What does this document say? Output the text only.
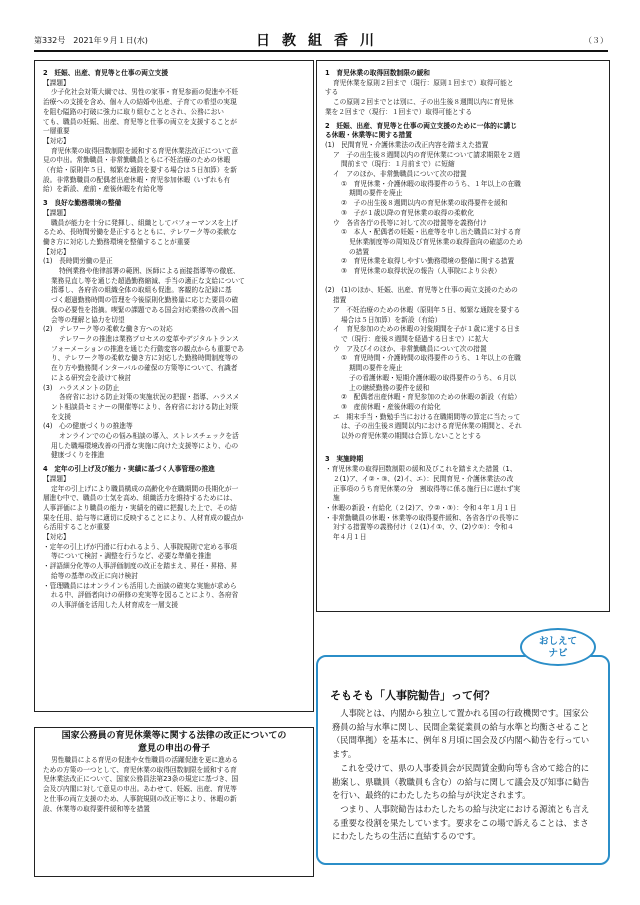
第332号　2021年９月１日(水)	日教組香川	（３）

2　妊娠、出産、育児等と仕事の両立支援

【課題】

少子化社会対策大綱では、男性の家事・育児参画の促進や不妊

治療への支援を含め、個々人の結婚や出産、子育ての希望の実現

を阻む隘路の打破に強力に取り組むこととされ、公務におい

ても、職員の妊娠、出産、育児等と仕事の両立を支援することが

一層重要

【対応】

育児休業の取得回数制限を緩和する育児休業法改正について意

見の申出。常勤職員・非常勤職員ともに不妊治療のための休暇

（有給・原則年５日、頻繁な通院を要する場合は５日加算）を新

設。非常勤職員の配偶者出産休暇・育児参加休暇（いずれも有

給）を新設、産前・産後休暇を有給化等

3　良好な勤務環境の整備

【課題】

職員が能力を十分に発揮し、組織としてパフォーマンスを上げ

るため、長時間労働を是正するとともに、テレワーク等の柔軟な

働き方に対応した勤務環境を整備することが重要

【対応】

(1)　長時間労働の是正

特例業務や他律部署の範囲、医師による面接指導等の徹底、

業務見直し等を通じた超過勤務縮減、手当の適正な支給について

指導し、各府省の組織全体の取組も促進。客観的な記録に基

づく超過勤務時間の管理を今後原則化勤務量に応じた要員の確

保の必要性を指摘。喫緊の課題である国会対応業務の改善へ国

会等の理解と協力を切望

(2)　テレワーク等の柔軟な働き方への対応

テレワークの推進は業務プロセスの変革やデジタルトランス

フォーメーションの推進を通じた行動変容の観点からも重要であ

り、テレワーク等の柔軟な働き方に対応した勤務時間制度等の

在り方や勤務間インターバルの確保の方策等について、有識者

による研究会を設けて検討

(3)　ハラスメントの防止

各府省における防止対策の実施状況の把握・指導、ハラスメ

ント相談員セミナーの開催等により、各府省における防止対策

を支援

(4)　心の健康づくりの推進等

オンラインでの心の悩み相談の導入、ストレスチェックを活

用した職場環境改善の円滑な実施に向けた支援等により、心の

健康づくりを推進

4　定年の引上げ及び能力・実績に基づく人事管理の推進

【課題】

定年の引上げにより職員構成の高齢化や在職期間の長期化が一

層進む中で、職員の士気を高め、組織活力を維持するためには、

人事評価により職員の能力・実績を的確に把握した上で、その結

果を任用、給与等に適切に反映することにより、人材育成の観点か

ら活用することが重要

【対応】

・定年の引上げが円滑に行われるよう、人事院規則で定める事項

等について検討・調整を行うなど、必要な準備を推進

・評語細分化等の人事評価制度の改正を踏まえ、昇任・昇格、昇

給等の基準の改正に向け検討

・管理職員にはオンラインも活用した面談の確実な実施が求めら

れる中、評価者向けの研修の充実等を図ることにより、各府省

の人事評価を活用した人材育成を一層支援

国家公務員の育児休業等に関する法律の改正についての
意見の申出の骨子

男性職員による育児の促進や女性職員の活躍促進を更に進める

ための方策の一つとして、育児休業の取得回数制限を緩和する育

児休業法改正について、国家公務員法第23条の規定に基づき、国

会及び内閣に対して意見の申出。あわせて、妊娠、出産、育児等

と仕事の両立支援のため、人事院規則の改正等により、休暇の新

設、休業等の取得要件緩和等を措置

1　育児休業の取得回数制限の緩和

育児休業を原則２回まで（現行：原則１回まで）取得可能と

する

この原則２回までとは別に、子の出生後８週間以内に育児休

業を２回まで（現行：１回まで）取得可能とする

2　妊娠、出産、育児等と仕事の両立支援のために一体的に講じ

る休暇・休業等に関する措置

(1)　民間育児・介護休業法の改正内容を踏まえた措置

ア　子の出生後８週間以内の育児休業について請求期限を２週

間前まで（現行：１月前まで）に短縮

イ　アのほか、非常勤職員について次の措置

①　育児休業・介護休暇の取得要件のうち、１年以上の在職

期間の要件を廃止

②　子の出生後８週間以内の育児休業の取得要件を緩和

③　子が１歳以降の育児休業の取得の柔軟化

ウ　各省各庁の長等に対して次の措置等を義務付け

①　本人・配偶者の妊娠・出産等を申し出た職員に対する育

児休業制度等の周知及び育児休業の取得意向の確認のため

の措置

②　育児休業を取得しやすい勤務環境の整備に関する措置

③　育児休業の取得状況の報告（人事院により公表）

(2)　(1)のほか、妊娠、出産、育児等と仕事の両立支援のための

措置

ア　不妊治療のための休暇（原則年５日、頻繁な通院を要する

場合は５日加算）を新設（有給）

イ　育児参加のための休暇の対象期間を子が１歳に達する日ま

で（現行：産後８週間を経過する日まで）に拡大

ウ　ア及びイのほか、非常勤職員について次の措置

①　育児時間・介護時間の取得要件のうち、１年以上の在職

期間の要件を廃止

子の看護休暇・短期介護休暇の取得要件のうち、６月以

上の継続勤務の要件を緩和

②　配偶者出産休暇・育児参加のための休暇の新設（有給）

③　産前休暇・産後休暇の有給化

エ　期末手当・勤勉手当における在職期間等の算定に当たって

は、子の出生後８週間以内における育児休業の期間と、それ

以外の育児休業の期間は合算しないこととする

3　実施時期

・育児休業の取得回数制限の緩和及びこれを踏まえた措置（1、

２(1)ア、イ②・③、(2)イ、エ）：民間育児・介護休業法の改

正事項のうち育児休業の分　割取得等に係る施行日に遅れず実

施

・休暇の新設・有給化（２(2)ア、ウ②・③）：令和４年１月１日

・非常勤職員の休暇・休業等の取得要件緩和、各省各庁の長等に

対する措置等の義務付け（２(1)イ①、ウ、(2)ウ①）：令和４

年４月１日

そもそも「人事院勧告」って何？

　人事院とは、内閣から独立して置かれる国の行政機関です。国家公務員の給与水準に関し、民間企業従業員の給与水準と均衡させること（民間準拠）を基本に、例年８月頃に国会及び内閣へ勧告を行っています。

　これを受けて、県の人事委員会が民間賃金動向等も含めて総合的に勘案し、県職員（教職員も含む）の給与に関して議会及び知事に勧告を行い、最終的にわたしたちの給与が決定されます。

　つまり、人事院勧告はわたしたちの給与決定における源流とも言える重要な役割を果たしています。要求をこの場で訴えることは、まさにわたしたちの生活に直結するのです。

おしえて
ナビ
